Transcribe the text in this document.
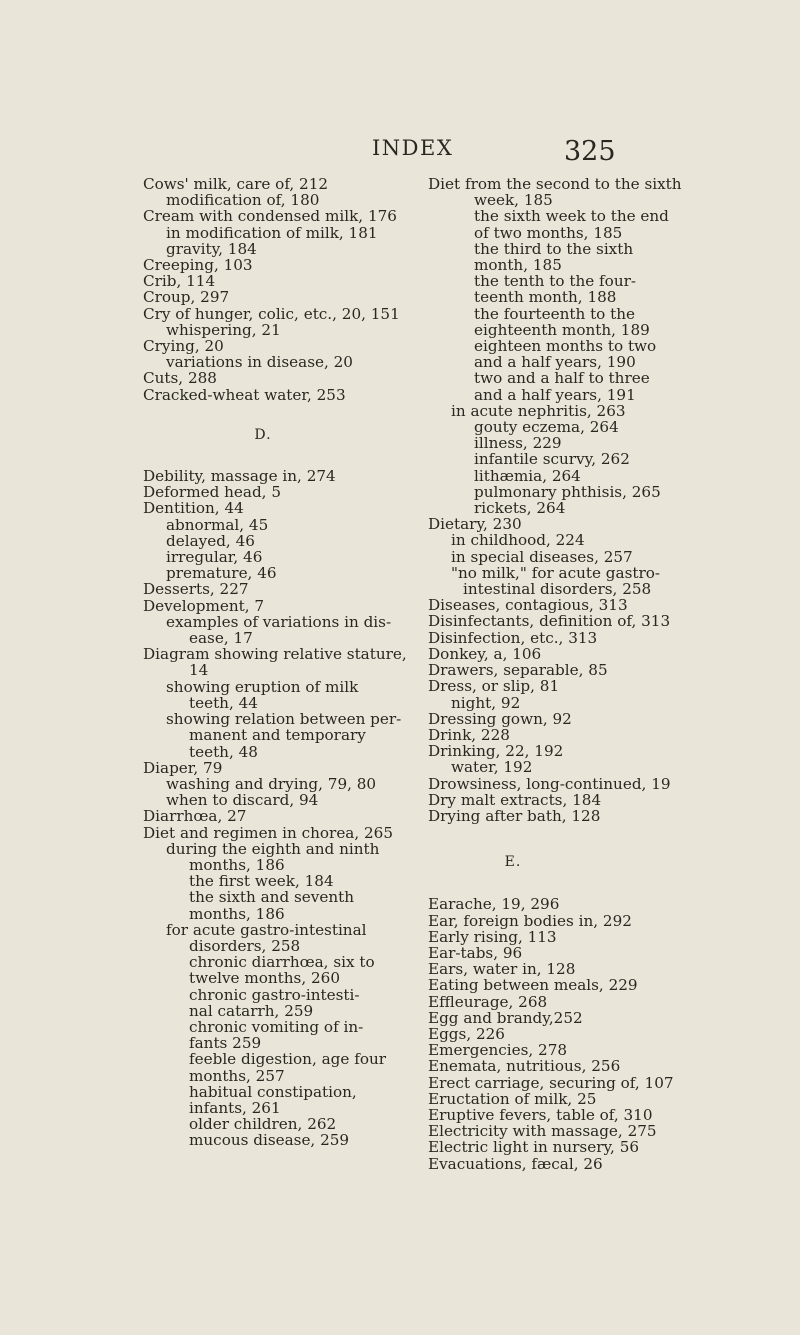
INDEX	325
Cows' milk, care of, 212
modification of, 180
Cream with condensed milk, 176
in modification of milk, 181
gravity, 184
Creeping, 103
Crib, 114
Croup, 297
Cry of hunger, colic, etc., 20, 151
whispering, 21
Crying, 20
variations in disease, 20
Cuts, 288
Cracked-wheat water, 253
D.
Debility, massage in, 274
Deformed head, 5
Dentition, 44
abnormal, 45
delayed, 46
irregular, 46
premature, 46
Desserts, 227
Development, 7
examples of variations in dis-
ease, 17
Diagram showing relative stature,
14
showing eruption of milk
teeth, 44
showing relation between per-
manent and temporary
teeth, 48
Diaper, 79
washing and drying, 79, 80
when to discard, 94
Diarrhœa, 27
Diet and regimen in chorea, 265
during the eighth and ninth
months, 186
the first week, 184
the sixth and seventh
months, 186
for acute gastro-intestinal
disorders, 258
chronic diarrhœa, six to
twelve months, 260
chronic gastro-intesti-
nal catarrh, 259
chronic vomiting of in-
fants 259
feeble digestion, age four
months, 257
habitual constipation,
infants, 261
older children, 262
mucous disease, 259
Diet from the second to the sixth
week, 185
the sixth week to the end
of two months, 185
the third to the sixth
month, 185
the tenth to the four-
teenth month, 188
the fourteenth to the
eighteenth month, 189
eighteen months to two
and a half years, 190
two and a half to three
and a half years, 191
in acute nephritis, 263
gouty eczema, 264
illness, 229
infantile scurvy, 262
lithæmia, 264
pulmonary phthisis, 265
rickets, 264
Dietary, 230
in childhood, 224
in special diseases, 257
"no milk," for acute gastro-
intestinal disorders, 258
Diseases, contagious, 313
Disinfectants, definition of, 313
Disinfection, etc., 313
Donkey, a, 106
Drawers, separable, 85
Dress, or slip, 81
night, 92
Dressing gown, 92
Drink, 228
Drinking, 22, 192
water, 192
Drowsiness, long-continued, 19
Dry malt extracts, 184
Drying after bath, 128
E.
Earache, 19, 296
Ear, foreign bodies in, 292
Early rising, 113
Ear-tabs, 96
Ears, water in, 128
Eating between meals, 229
Effleurage, 268
Egg and brandy,252
Eggs, 226
Emergencies, 278
Enemata, nutritious, 256
Erect carriage, securing of, 107
Eructation of milk, 25
Eruptive fevers, table of, 310
Electricity with massage, 275
Electric light in nursery, 56
Evacuations, fæcal, 26
